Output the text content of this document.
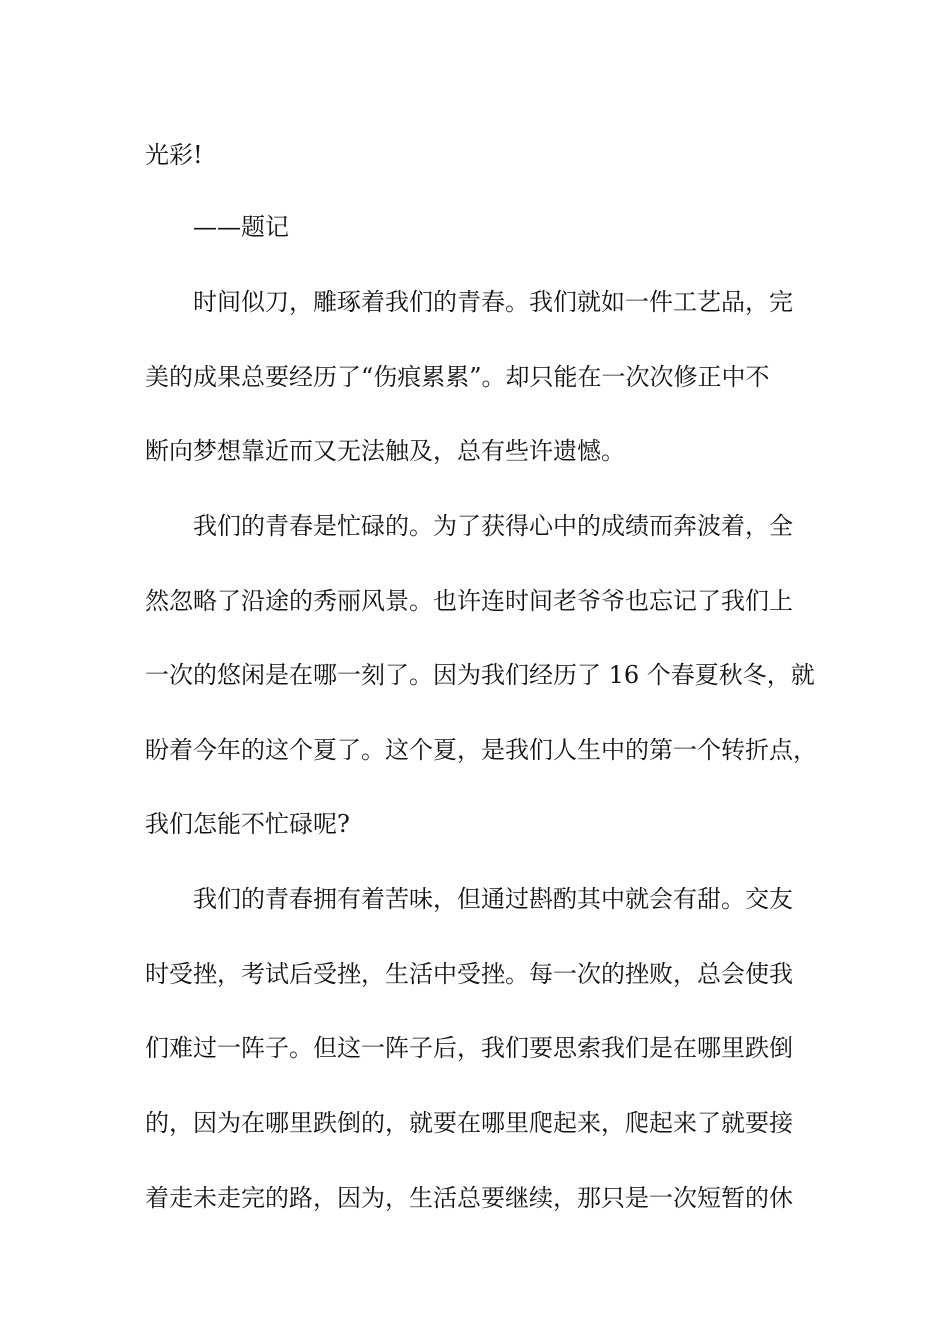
光彩!
——题记
时间似刀，雕琢着我们的青春。我们就如一件工艺品，完
美的成果总要经历了“伤痕累累”。却只能在一次次修正中不
断向梦想靠近而又无法触及，总有些许遗憾。
我们的青春是忙碌的。为了获得心中的成绩而奔波着，全
然忽略了沿途的秀丽风景。也许连时间老爷爷也忘记了我们上
一次的悠闲是在哪一刻了。因为我们经历了 16 个春夏秋冬，就
盼着今年的这个夏了。这个夏，是我们人生中的第一个转折点，
我们怎能不忙碌呢?
我们的青春拥有着苦味，但通过斟酌其中就会有甜。交友
时受挫，考试后受挫，生活中受挫。每一次的挫败，总会使我
们难过一阵子。但这一阵子后，我们要思索我们是在哪里跌倒
的，因为在哪里跌倒的，就要在哪里爬起来，爬起来了就要接
着走未走完的路，因为，生活总要继续，那只是一次短暂的休
